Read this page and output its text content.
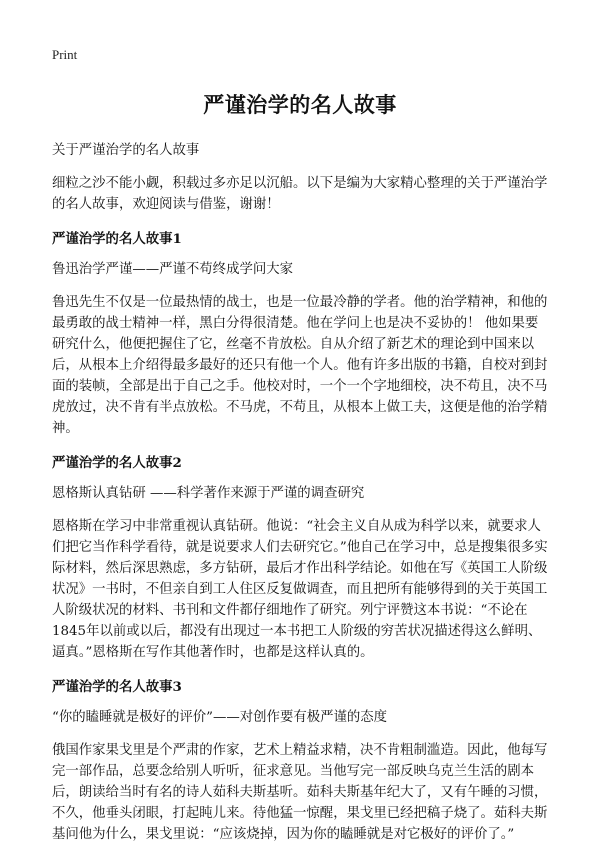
Print
严谨治学的名人故事

关于严谨治学的名人故事

细粒之沙不能小觑，积载过多亦足以沉船。以下是编为大家精心整理的关于严谨治学的名人故事，欢迎阅读与借鉴，谢谢！

严谨治学的名人故事1

鲁迅治学严谨——严谨不苟终成学问大家

鲁迅先生不仅是一位最热情的战士，也是一位最冷静的学者。他的治学精神，和他的最勇敢的战士精神一样，黑白分得很清楚。他在学问上也是决不妥协的！ 他如果要研究什么，他便把握住了它，丝毫不肯放松。自从介绍了新艺术的理论到中国来以后，从根本上介绍得最多最好的还只有他一个人。他有许多出版的书籍，自校对到封面的装帧，全部是出于自己之手。他校对时，一个一个字地细校，决不苟且，决不马虎放过，决不肯有半点放松。不马虎，不苟且，从根本上做工夫，这便是他的治学精神。

严谨治学的名人故事2

恩格斯认真钻研 ——科学著作来源于严谨的调查研究

恩格斯在学习中非常重视认真钻研。他说：“社会主义自从成为科学以来，就要求人们把它当作科学看待，就是说要求人们去研究它。”他自己在学习中，总是搜集很多实际材料，然后深思熟虑，多方钻研，最后才作出科学结论。如他在写《英国工人阶级状况》一书时，不但亲自到工人住区反复做调查，而且把所有能够得到的关于英国工人阶级状况的材料、书刊和文件都仔细地作了研究。列宁评赞这本书说：“不论在1845年以前或以后，都没有出现过一本书把工人阶级的穷苦状况描述得这么鲜明、逼真。”恩格斯在写作其他著作时，也都是这样认真的。

严谨治学的名人故事3

“你的瞌睡就是极好的评价”——对创作要有极严谨的态度

俄国作家果戈里是个严肃的作家，艺术上精益求精，决不肯粗制滥造。因此，他每写完一部作品，总要念给别人听听，征求意见。当他写完一部反映乌克兰生活的剧本后，朗读给当时有名的诗人茹科夫斯基听。茹科夫斯基年纪大了，又有午睡的习惯，不久，他垂头闭眼，打起盹儿来。待他猛一惊醒，果戈里已经把稿子烧了。茹科夫斯基问他为什么，果戈里说：“应该烧掉，因为你的瞌睡就是对它极好的评价了。”
